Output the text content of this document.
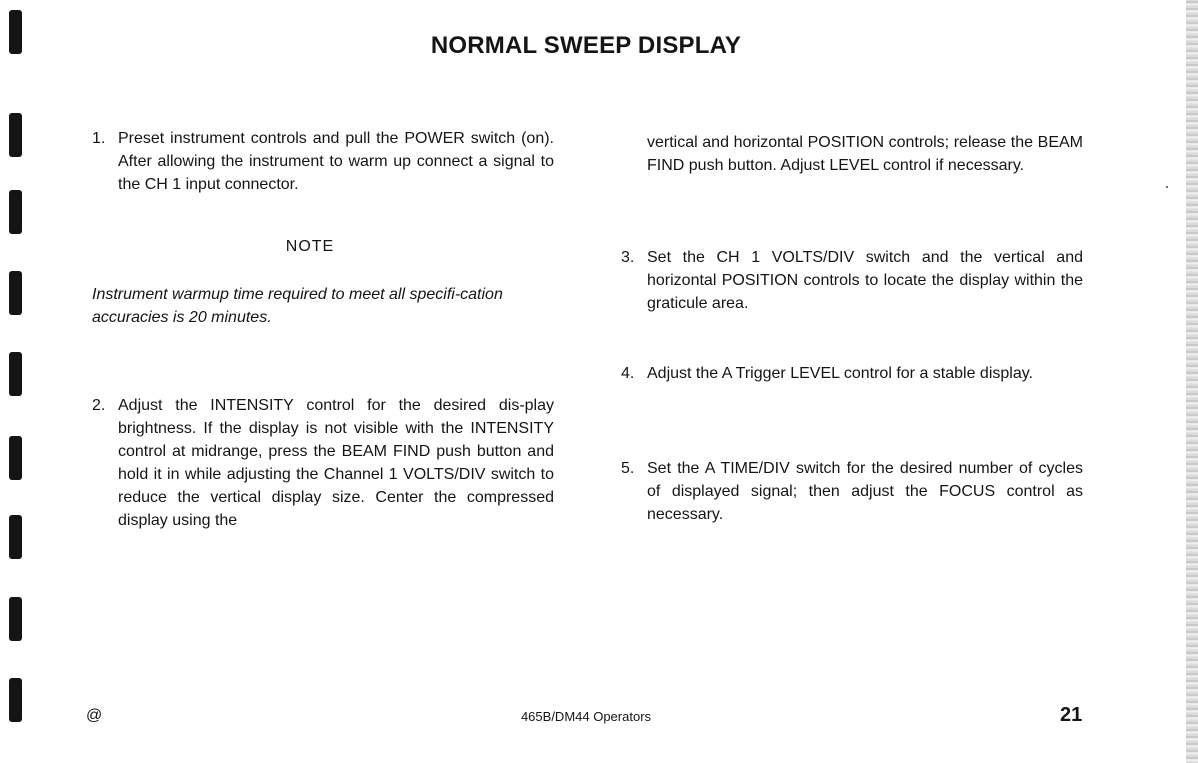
NORMAL SWEEP DISPLAY
1. Preset instrument controls and pull the POWER switch (on). After allowing the instrument to warm up connect a signal to the CH 1 input connector.
NOTE
Instrument warmup time required to meet all specifi-cation accuracies is 20 minutes.
2. Adjust the INTENSITY control for the desired dis-play brightness. If the display is not visible with the INTENSITY control at midrange, press the BEAM FIND push button and hold it in while adjusting the Channel 1 VOLTS/DIV switch to reduce the vertical display size. Center the compressed display using the
vertical and horizontal POSITION controls; release the BEAM FIND push button. Adjust LEVEL control if necessary.
3. Set the CH 1 VOLTS/DIV switch and the vertical and horizontal POSITION controls to locate the display within the graticule area.
4. Adjust the A Trigger LEVEL control for a stable display.
5. Set the A TIME/DIV switch for the desired number of cycles of displayed signal; then adjust the FOCUS control as necessary.
@	465B/DM44 Operators	21
